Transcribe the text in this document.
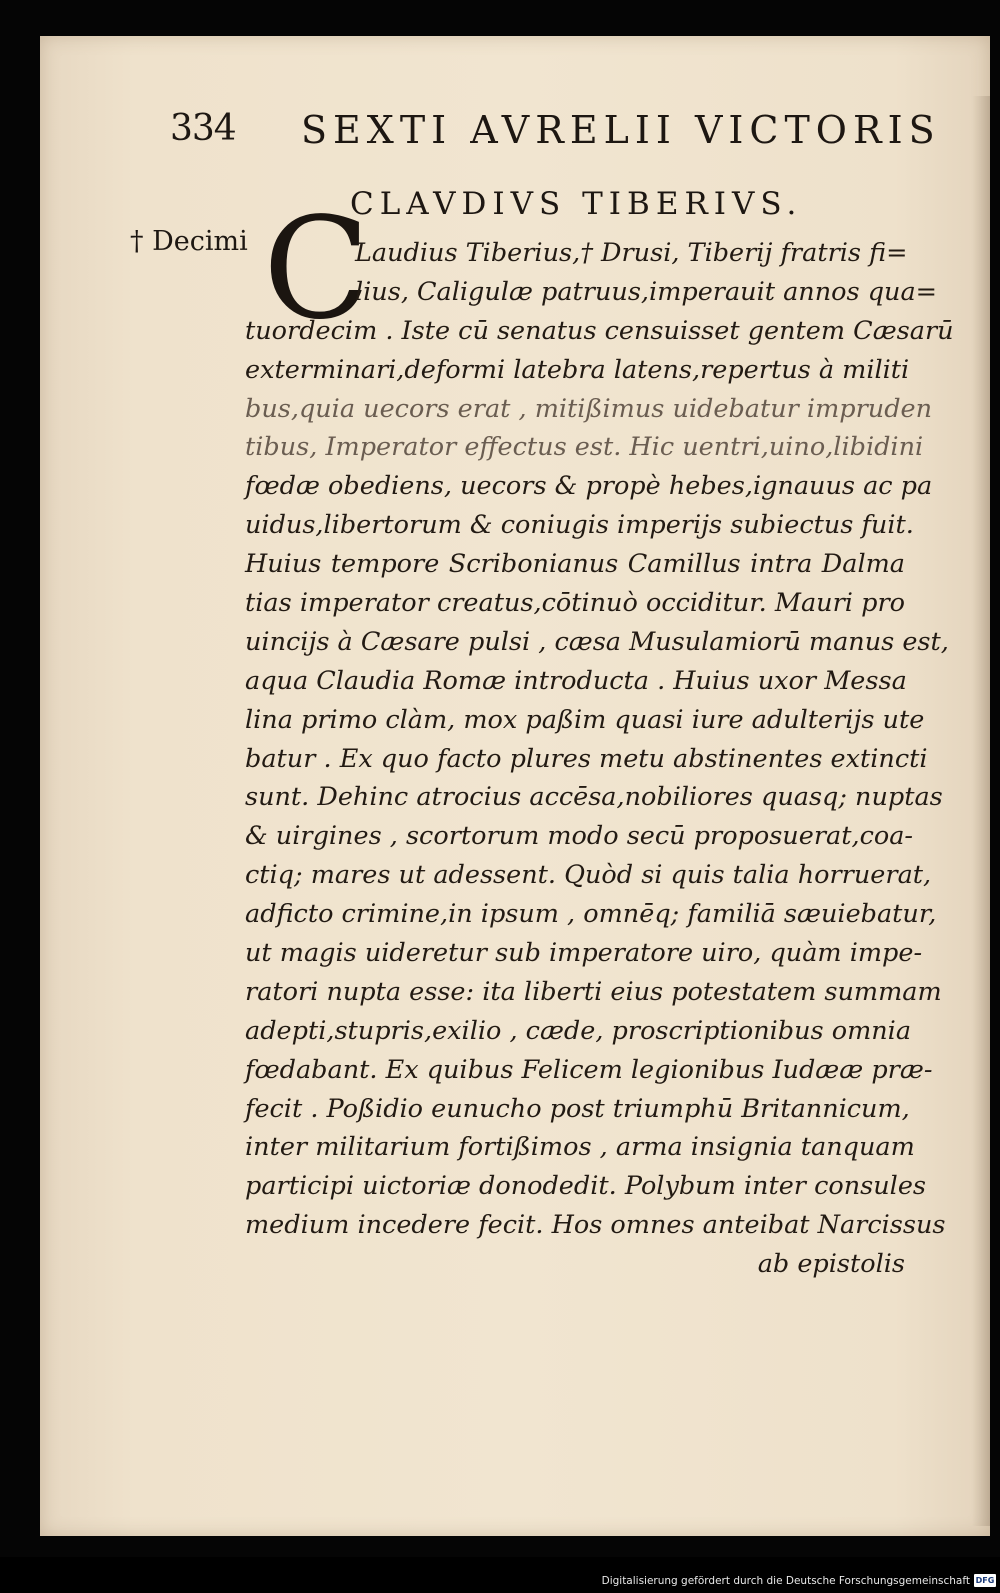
334 SEXTI AVRELII VICTORIS
CLAVDIVS TIBERIVS.
† Decimi C
Laudius Tiberius,† Drusi, Tiberij fratris fi=
lius, Caligulæ patruus,imperauit annos qua=
tuordecim . Iste cū senatus censuisset gentem Cæsarū
exterminari,deformi latebra latens,repertus à militi
bus,quia uecors erat , mitißimus uidebatur impruden
tibus, Imperator effectus est. Hic uentri,uino,libidini
fœdæ obediens, uecors & propè hebes,ignauus ac pa
uidus,libertorum & coniugis imperijs subiectus fuit.
Huius tempore Scribonianus Camillus intra Dalma
tias imperator creatus,cōtinuò occiditur. Mauri pro
uincijs à Cæsare pulsi , cæsa Musulamiorū manus est,
aqua Claudia Romæ introducta . Huius uxor Messa
lina primo clàm, mox paßim quasi iure adulterijs ute
batur . Ex quo facto plures metu abstinentes extincti
sunt. Dehinc atrocius accēsa,nobiliores quasq; nuptas
& uirgines , scortorum modo secū proposuerat,coa-
ctiq; mares ut adessent. Quòd si quis talia horruerat,
adficto crimine,in ipsum , omnēq; familiā sæuiebatur,
ut magis uideretur sub imperatore uiro, quàm impe-
ratori nupta esse: ita liberti eius potestatem summam
adepti,stupris,exilio , cæde, proscriptionibus omnia
fœdabant. Ex quibus Felicem legionibus Iudææ præ-
fecit . Poßidio eunucho post triumphū Britannicum,
inter militarium fortißimos , arma insignia tanquam
participi uictoriæ donodedit. Polybum inter consules
medium incedere fecit. Hos omnes anteibat Narcissus
ab epistolis
Digitalisierung gefördert durch die Deutsche Forschungsgemeinschaft DFG
